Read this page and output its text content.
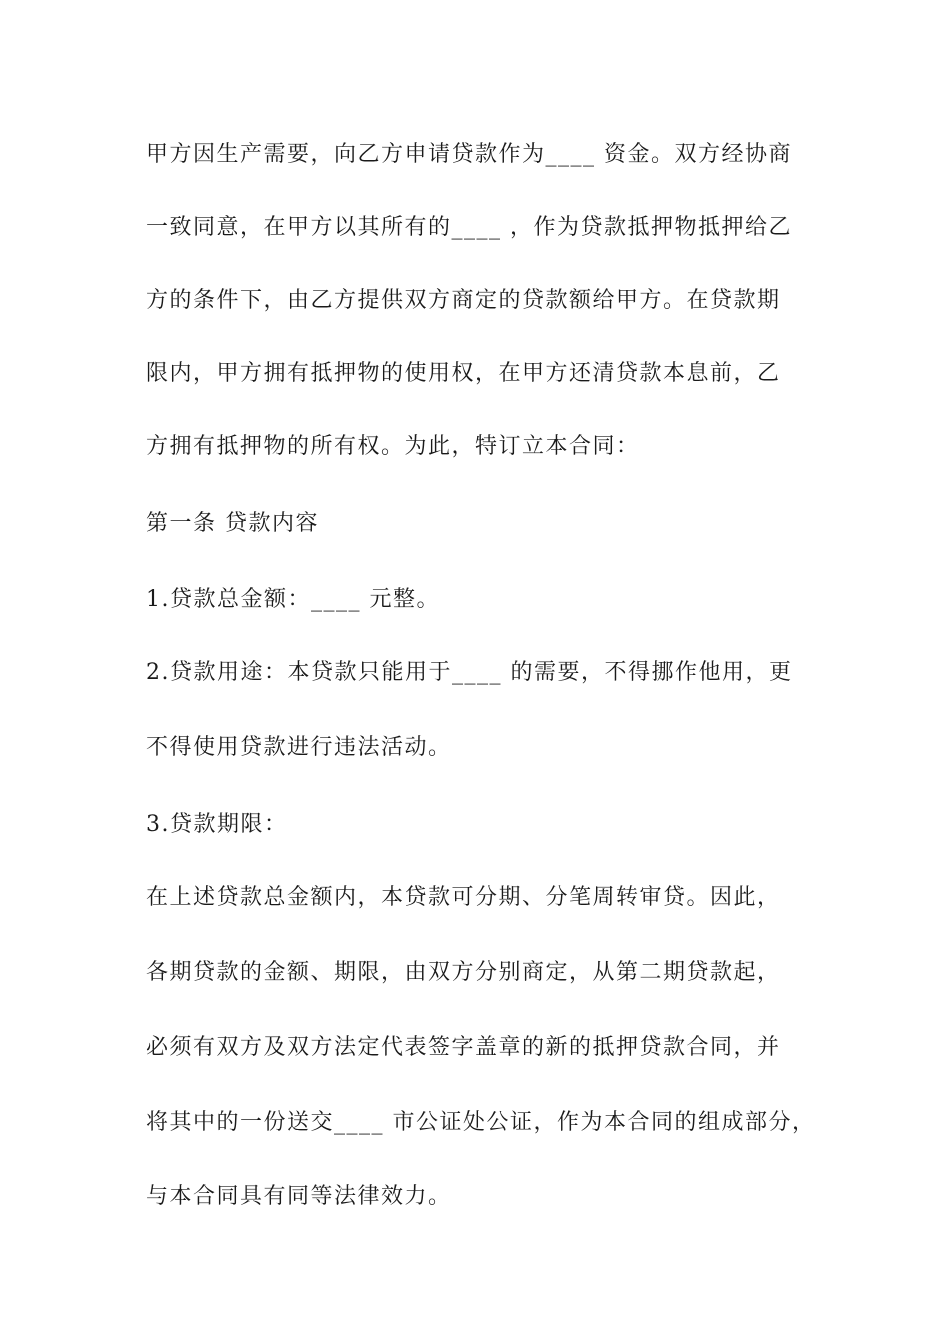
甲方因生产需要，向乙方申请贷款作为____ 资金。双方经协商
一致同意，在甲方以其所有的____ ，作为贷款抵押物抵押给乙
方的条件下，由乙方提供双方商定的贷款额给甲方。在贷款期
限内，甲方拥有抵押物的使用权，在甲方还清贷款本息前，乙
方拥有抵押物的所有权。为此，特订立本合同：
第一条 贷款内容
1.贷款总金额：____ 元整。
2.贷款用途：本贷款只能用于____ 的需要，不得挪作他用，更
不得使用贷款进行违法活动。
3.贷款期限：
在上述贷款总金额内，本贷款可分期、分笔周转审贷。因此，
各期贷款的金额、期限，由双方分别商定，从第二期贷款起，
必须有双方及双方法定代表签字盖章的新的抵押贷款合同，并
将其中的一份送交____ 市公证处公证，作为本合同的组成部分，
与本合同具有同等法律效力。
